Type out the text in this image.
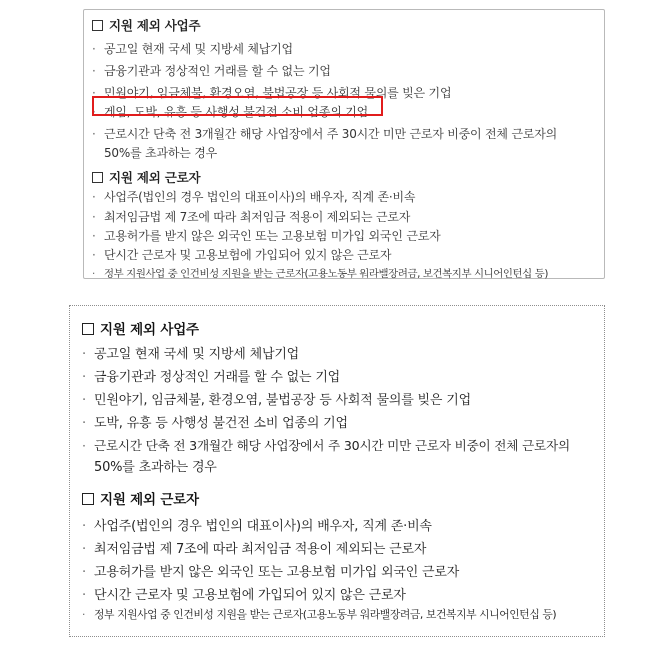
지원 제외 사업주
· 공고일 현재 국세 및 지방세 체납기업
· 금융기관과 정상적인 거래를 할 수 없는 기업
· 민원야기, 임금체불, 환경오염, 불법공장 등 사회적 물의를 빚은 기업
· 게임, 도박, 유흥 등 사행성 불건전 소비 업종의 기업
· 근로시간 단축 전 3개월간 해당 사업장에서 주 30시간 미만 근로자 비중이 전체 근로자의
50%를 초과하는 경우
지원 제외 근로자
· 사업주(법인의 경우 법인의 대표이사)의 배우자, 직계 존·비속
· 최저임금법 제 7조에 따라 최저임금 적용이 제외되는 근로자
· 고용허가를 받지 않은 외국인 또는 고용보험 미가입 외국인 근로자
· 단시간 근로자 및 고용보험에 가입되어 있지 않은 근로자
· 정부 지원사업 중 인건비성 지원을 받는 근로자(고용노동부 워라밸장려금, 보건복지부 시니어인턴십 등)
지원 제외 사업주
· 공고일 현재 국세 및 지방세 체납기업
· 금융기관과 정상적인 거래를 할 수 없는 기업
· 민원야기, 임금체불, 환경오염, 불법공장 등 사회적 물의를 빚은 기업
· 도박, 유흥 등 사행성 불건전 소비 업종의 기업
· 근로시간 단축 전 3개월간 해당 사업장에서 주 30시간 미만 근로자 비중이 전체 근로자의
50%를 초과하는 경우
지원 제외 근로자
· 사업주(법인의 경우 법인의 대표이사)의 배우자, 직계 존·비속
· 최저임금법 제 7조에 따라 최저임금 적용이 제외되는 근로자
· 고용허가를 받지 않은 외국인 또는 고용보험 미가입 외국인 근로자
· 단시간 근로자 및 고용보험에 가입되어 있지 않은 근로자
· 정부 지원사업 중 인건비성 지원을 받는 근로자(고용노동부 워라밸장려금, 보건복지부 시니어인턴십 등)
